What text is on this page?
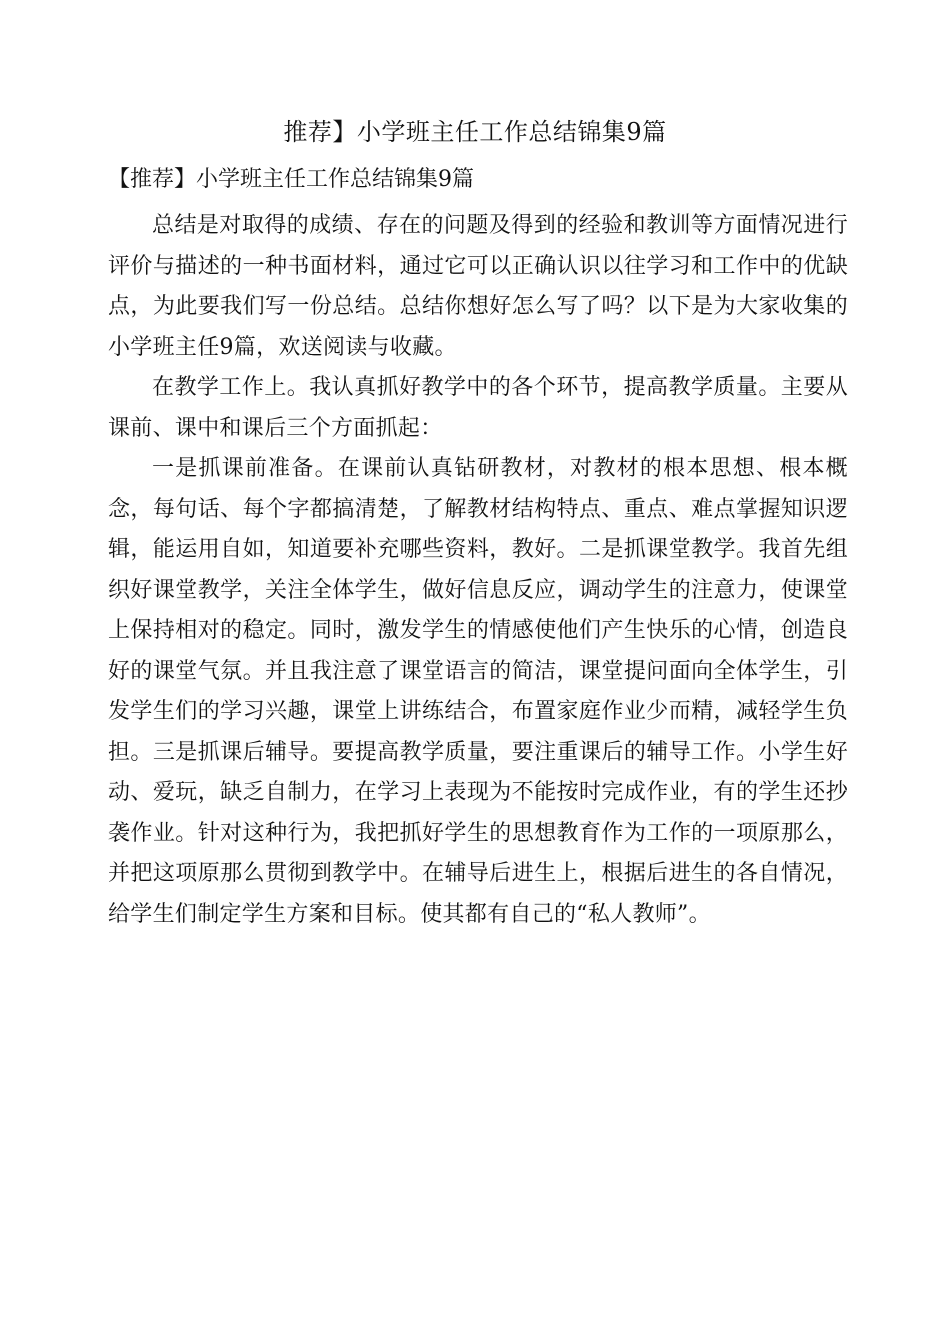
推荐】小学班主任工作总结锦集9篇

【推荐】小学班主任工作总结锦集9篇

总结是对取得的成绩、存在的问题及得到的经验和教训等方面情况进行评价与描述的一种书面材料，通过它可以正确认识以往学习和工作中的优缺点，为此要我们写一份总结。总结你想好怎么写了吗？以下是为大家收集的小学班主任9篇，欢送阅读与收藏。

在教学工作上。我认真抓好教学中的各个环节，提高教学质量。主要从课前、课中和课后三个方面抓起：

一是抓课前准备。在课前认真钻研教材，对教材的根本思想、根本概念，每句话、每个字都搞清楚，了解教材结构特点、重点、难点掌握知识逻辑，能运用自如，知道要补充哪些资料，教好。二是抓课堂教学。我首先组织好课堂教学，关注全体学生，做好信息反应，调动学生的注意力，使课堂上保持相对的稳定。同时，激发学生的情感使他们产生快乐的心情，创造良好的课堂气氛。并且我注意了课堂语言的简洁，课堂提问面向全体学生，引发学生们的学习兴趣，课堂上讲练结合，布置家庭作业少而精，减轻学生负担。三是抓课后辅导。要提高教学质量，要注重课后的辅导工作。小学生好动、爱玩，缺乏自制力，在学习上表现为不能按时完成作业，有的学生还抄袭作业。针对这种行为，我把抓好学生的思想教育作为工作的一项原那么，并把这项原那么贯彻到教学中。在辅导后进生上，根据后进生的各自情况，给学生们制定学生方案和目标。使其都有自己的“私人教师”。
